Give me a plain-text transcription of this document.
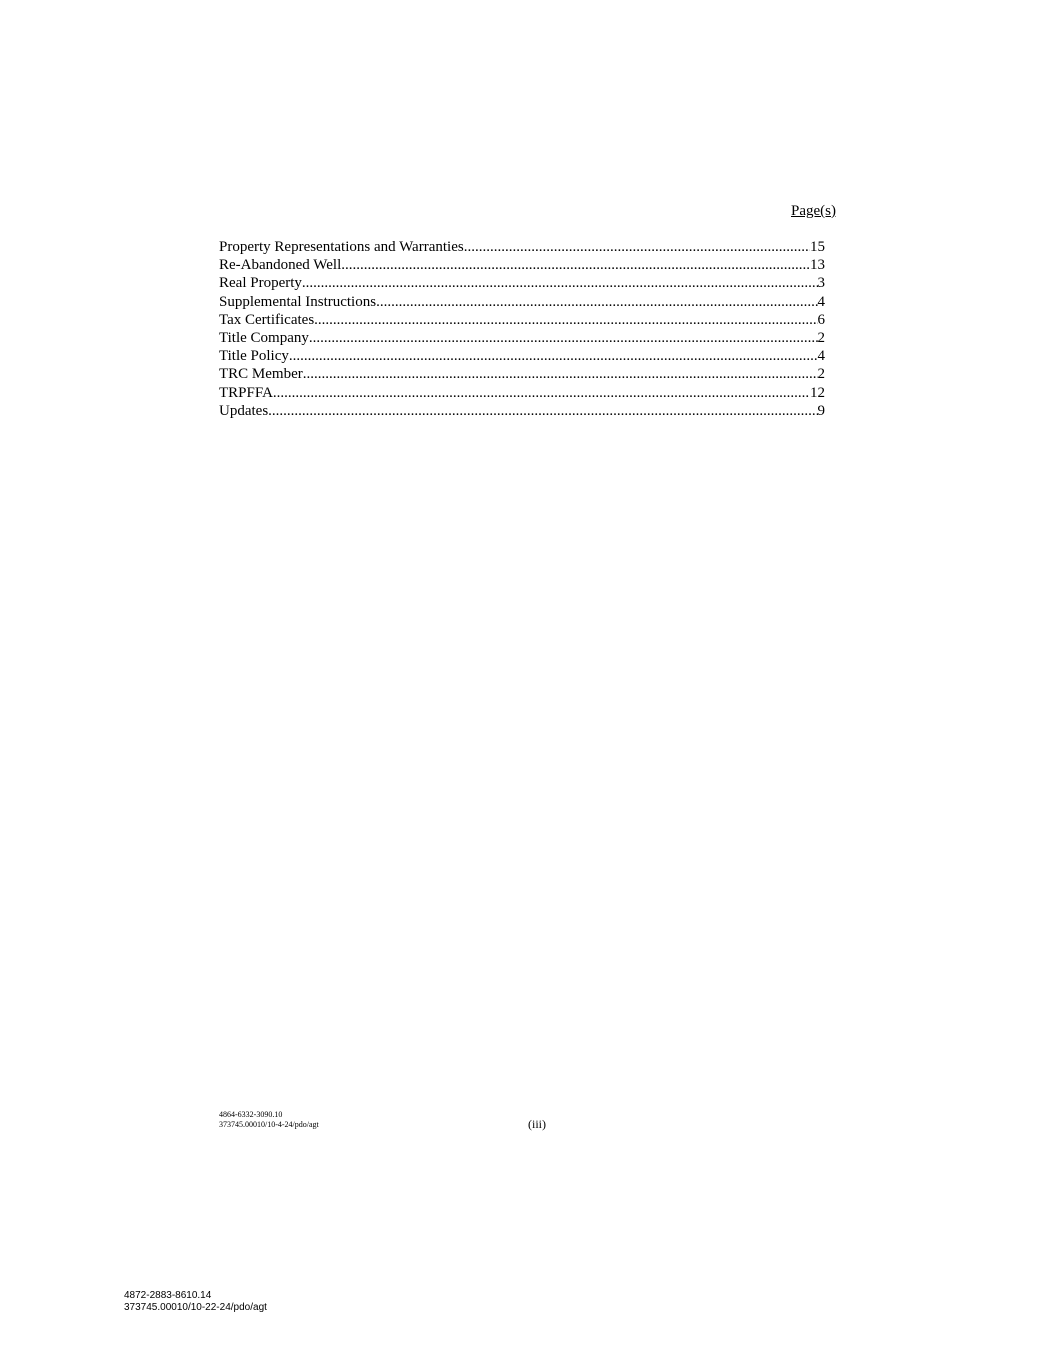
Page(s)
Property Representations and Warranties .....	15
Re-Abandoned Well .....	13
Real Property .....	3
Supplemental Instructions .....	4
Tax Certificates .....	6
Title Company .....	2
Title Policy .....	4
TRC Member .....	2
TRPFFA .....	12
Updates .....	9
4864-6332-3090.10
373745.00010/10-4-24/pdo/agt	(iii)
4872-2883-8610.14
373745.00010/10-22-24/pdo/agt
